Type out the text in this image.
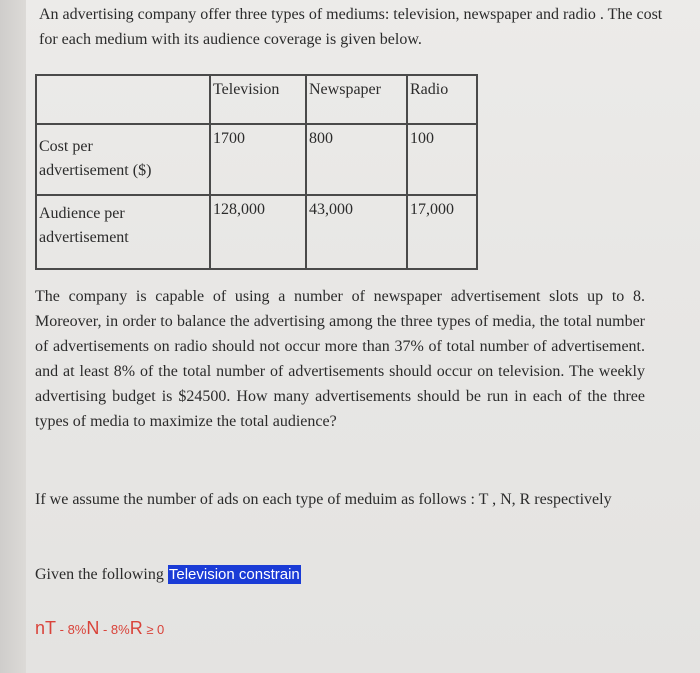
An advertising company offer three types of mediums: television, newspaper and radio . The cost for each medium with its audience coverage is given below.

	Television	Newspaper	Radio

Cost per advertisement ($)	1700	800	100

Audience per advertisement	128,000	43,000	17,000

The company is capable of using a number of newspaper advertisement slots up to 8. Moreover, in order to balance the advertising among the three types of media, the total number of advertisements on radio should not occur more than 37% of total number of advertisement. and at least 8% of the total number of advertisements should occur on television. The weekly advertising budget is $24500. How many advertisements should be run in each of the three types of media to maximize the total audience?

If we assume the number of ads on each type of meduim as follows : T , N, R respectively

Given the following Television constrain
nT - 8%N - 8%R ≥ 0
